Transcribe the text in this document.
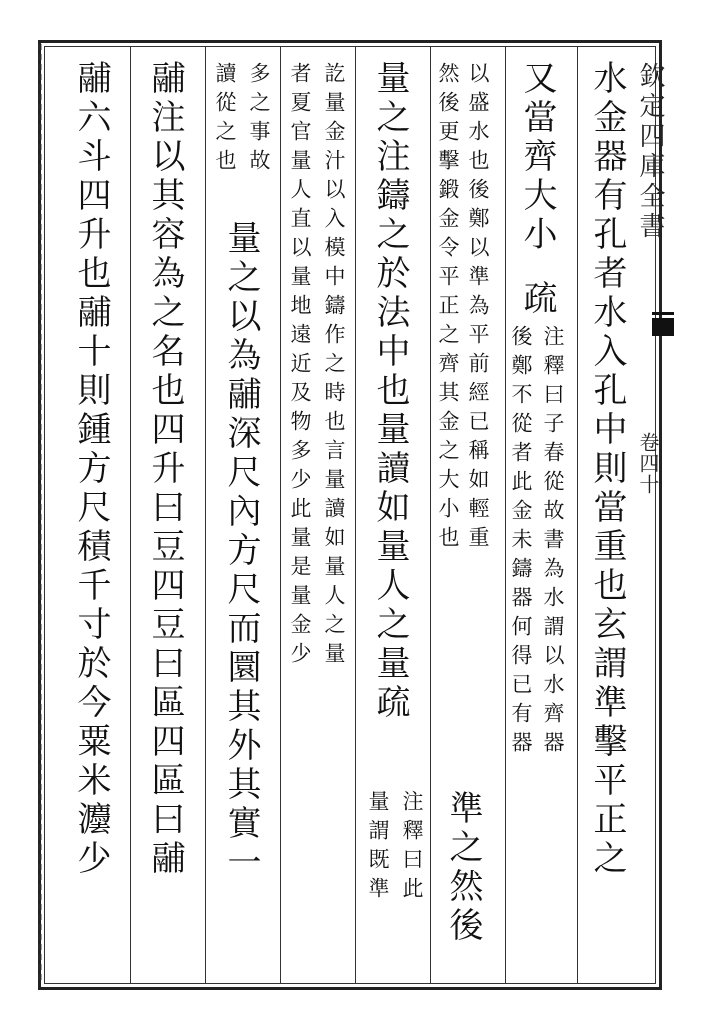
欽定四庫全書
卷四十
水金器有孔者水入孔中則當重也玄謂準擊平正之
又當齊大小
疏
注釋曰子春從故書為水謂以水齊器
後鄭不從者此金未鑄器何得已有器
以盛水也後鄭以準為平前經已稱如輕重
然後更擊鍛金令平正之齊其金之大小也
準之然後
量之注鑄之於法中也量讀如量人之量疏
注釋曰此
量謂既準
訖量金汁以入模中鑄作之時也言量讀如量人之量
者夏官量人直以量地遠近及物多少此量是量金少
多之事故
讀從之也
量之以為鬴深尺內方尺而圜其外其實一
鬴注以其容為之名也四升曰豆四豆曰區四區曰鬴
鬴六斗四升也鬴十則鍾方尺積千寸於今粟米灋少
